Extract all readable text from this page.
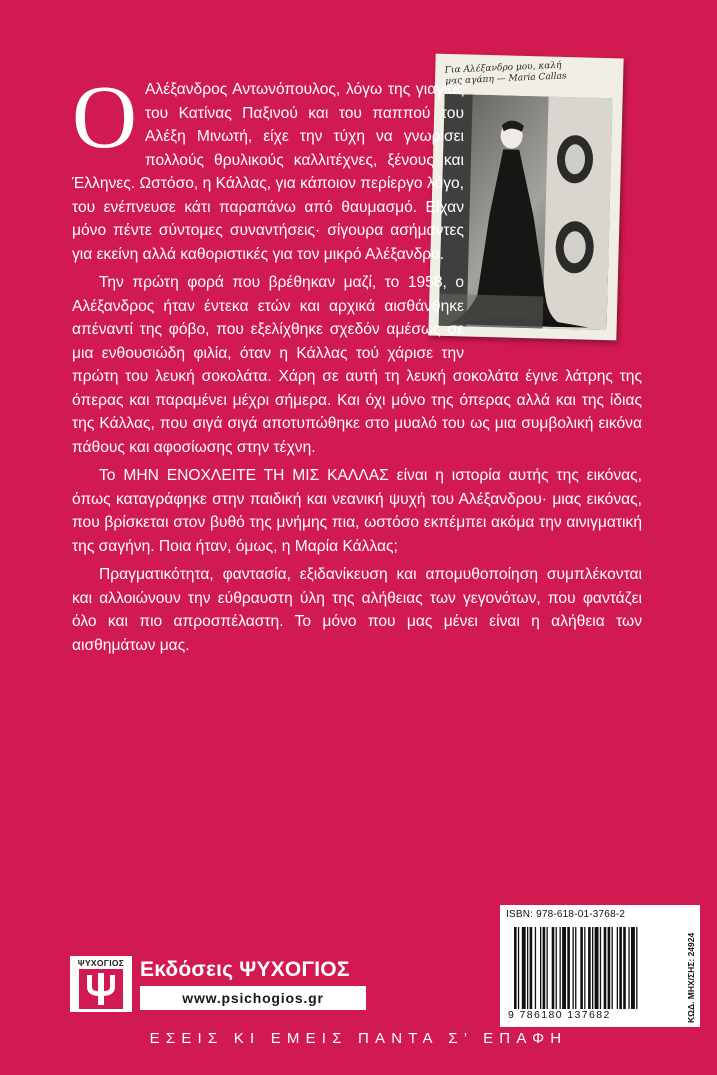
Για Αλέξανδρο μου, καλή
μας αγάπη — Maria Callas

Ο Αλέξανδρος Αντωνόπουλος, λόγω της γιαγιάς του Κατίνας Παξινού και του παππού του Αλέξη Μινωτή, είχε την τύχη να γνωρίσει πολλούς θρυλικούς καλλιτέχνες, ξένους και Έλληνες. Ωστόσο, η Κάλλας, για κάποιον περίεργο λόγο, του ενέπνευσε κάτι παραπάνω από θαυμασμό. Είχαν μόνο πέντε σύντομες συναντήσεις· σίγουρα ασήμαντες για εκείνη αλλά καθοριστικές για τον μικρό Αλέξανδρο.

Την πρώτη φορά που βρέθηκαν μαζί, το 1958, ο Αλέξανδρος ήταν έντεκα ετών και αρχικά αισθάνθηκε απέναντί της φόβο, που εξελίχθηκε σχεδόν αμέσως σε μια ενθουσιώδη φιλία, όταν η Κάλλας τού χάρισε την πρώτη του λευκή σοκολάτα. Χάρη σε αυτή τη λευκή σοκολάτα έγινε λάτρης της όπερας και παραμένει μέχρι σήμερα. Και όχι μόνο της όπερας αλλά και της ίδιας της Κάλλας, που σιγά σιγά αποτυπώθηκε στο μυαλό του ως μια συμβολική εικόνα πάθους και αφοσίωσης στην τέχνη.

Το ΜΗΝ ΕΝΟΧΛΕΙΤΕ ΤΗ ΜΙΣ ΚΑΛΛΑΣ είναι η ιστορία αυτής της εικόνας, όπως καταγράφηκε στην παιδική και νεανική ψυχή του Αλέξανδρου· μιας εικόνας, που βρίσκεται στον βυθό της μνήμης πια, ωστόσο εκπέμπει ακόμα την αινιγματική της σαγήνη. Ποια ήταν, όμως, η Μαρία Κάλλας;

Πραγματικότητα, φαντασία, εξιδανίκευση και απομυθοποίηση συμπλέκονται και αλλοιώνουν την εύθραυστη ύλη της αλήθειας των γεγονότων, που φαντάζει όλο και πιο απροσπέλαστη. Το μόνο που μας μένει είναι η αλήθεια των αισθημάτων μας.

ISBN: 978-618-01-3768-2
ΚΩΔ. ΜΗΧ/ΣΗΣ: 24924
9 786180 137682
ΨΥΧΟΓΙΟΣ Εκδόσεις ΨΥΧΟΓΙΟΣ
www.psichogios.gr
ΕΣΕΙΣ ΚΙ ΕΜΕΙΣ ΠΑΝΤΑ Σ’ ΕΠΑΦΗ
